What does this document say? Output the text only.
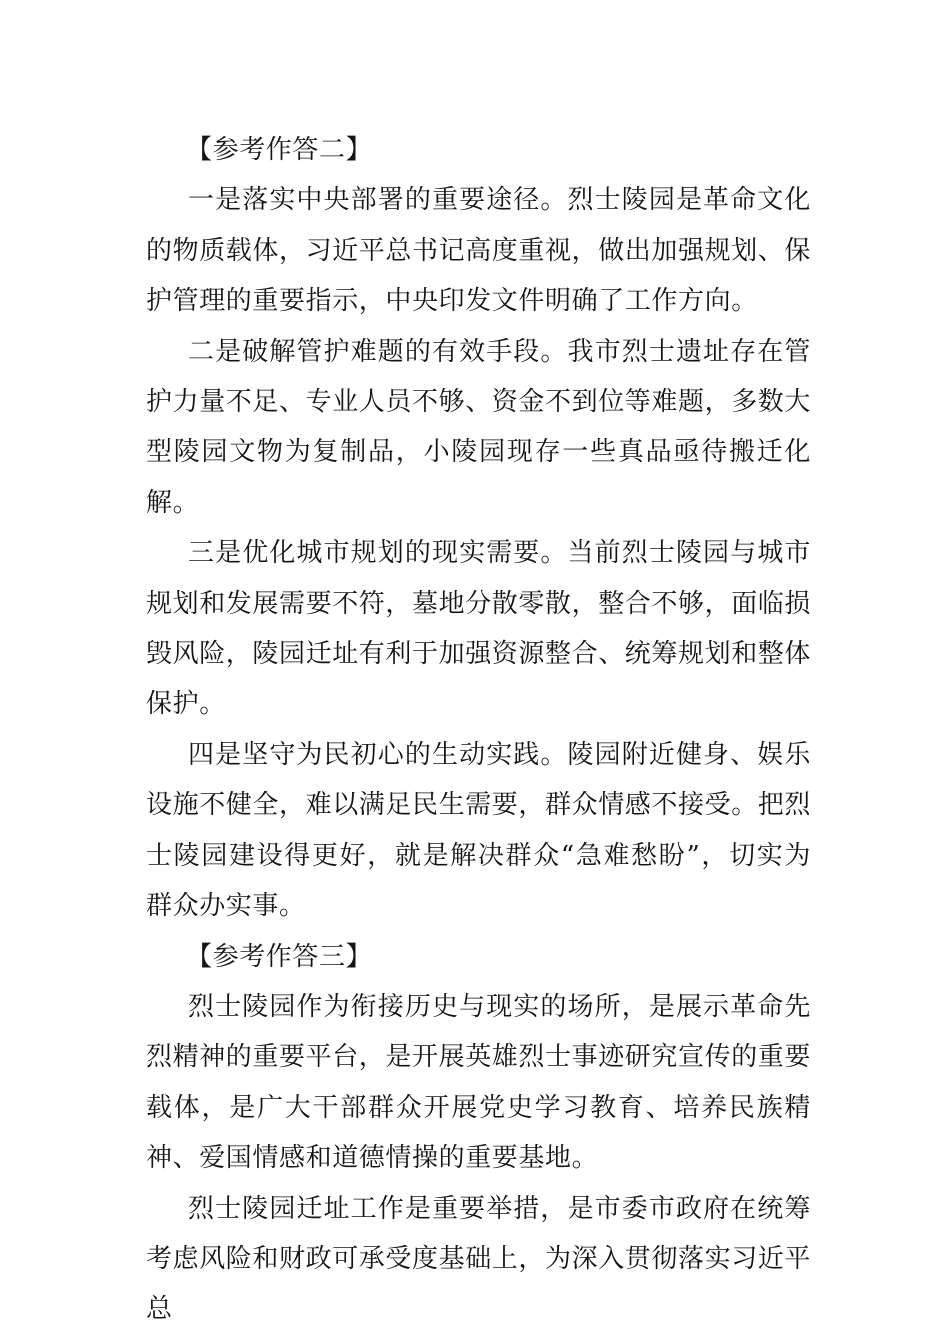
【参考作答二】

一是落实中央部署的重要途径。烈士陵园是革命文化的物质载体，习近平总书记高度重视，做出加强规划、保护管理的重要指示，中央印发文件明确了工作方向。

二是破解管护难题的有效手段。我市烈士遗址存在管护力量不足、专业人员不够、资金不到位等难题，多数大型陵园文物为复制品，小陵园现存一些真品亟待搬迁化解。

三是优化城市规划的现实需要。当前烈士陵园与城市规划和发展需要不符，墓地分散零散，整合不够，面临损毁风险，陵园迁址有利于加强资源整合、统筹规划和整体保护。

四是坚守为民初心的生动实践。陵园附近健身、娱乐设施不健全，难以满足民生需要，群众情感不接受。把烈士陵园建设得更好，就是解决群众“急难愁盼”，切实为群众办实事。

【参考作答三】

烈士陵园作为衔接历史与现实的场所，是展示革命先烈精神的重要平台，是开展英雄烈士事迹研究宣传的重要载体，是广大干部群众开展党史学习教育、培养民族精神、爱国情感和道德情操的重要基地。

烈士陵园迁址工作是重要举措，是市委市政府在统筹考虑风险和财政可承受度基础上，为深入贯彻落实习近平总
